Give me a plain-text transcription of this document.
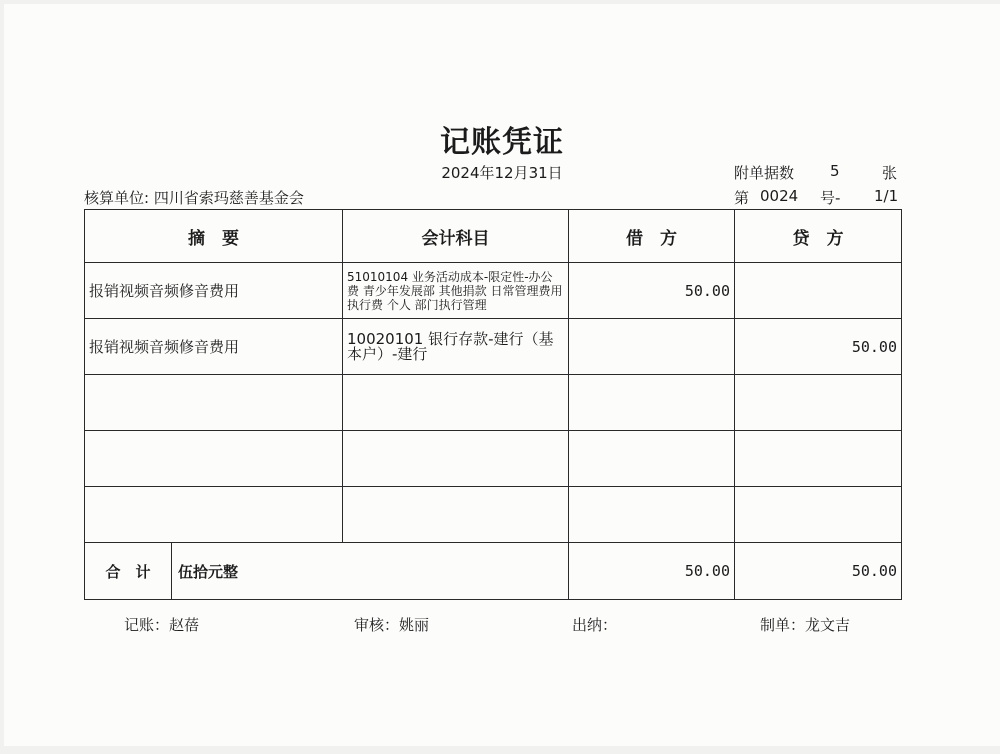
记账凭证
2024年12月31日	附单据数 5	张
核算单位: 四川省索玛慈善基金会	第 0024 号- 1/1
摘　要	会计科目	借　方	贷　方
报销视频音频修音费用	51010104 业务活动成本-限定性-办公费 青少年发展部 其他捐款 日常管理费用 执行费 个人 部门执行管理	50.00	
报销视频音频修音费用	10020101 银行存款-建行（基本户）-建行		50.00

合　计 伍拾元整		50.00	50.00
记账：赵蓓	审核：姚丽	出纳：	制单：龙文吉
